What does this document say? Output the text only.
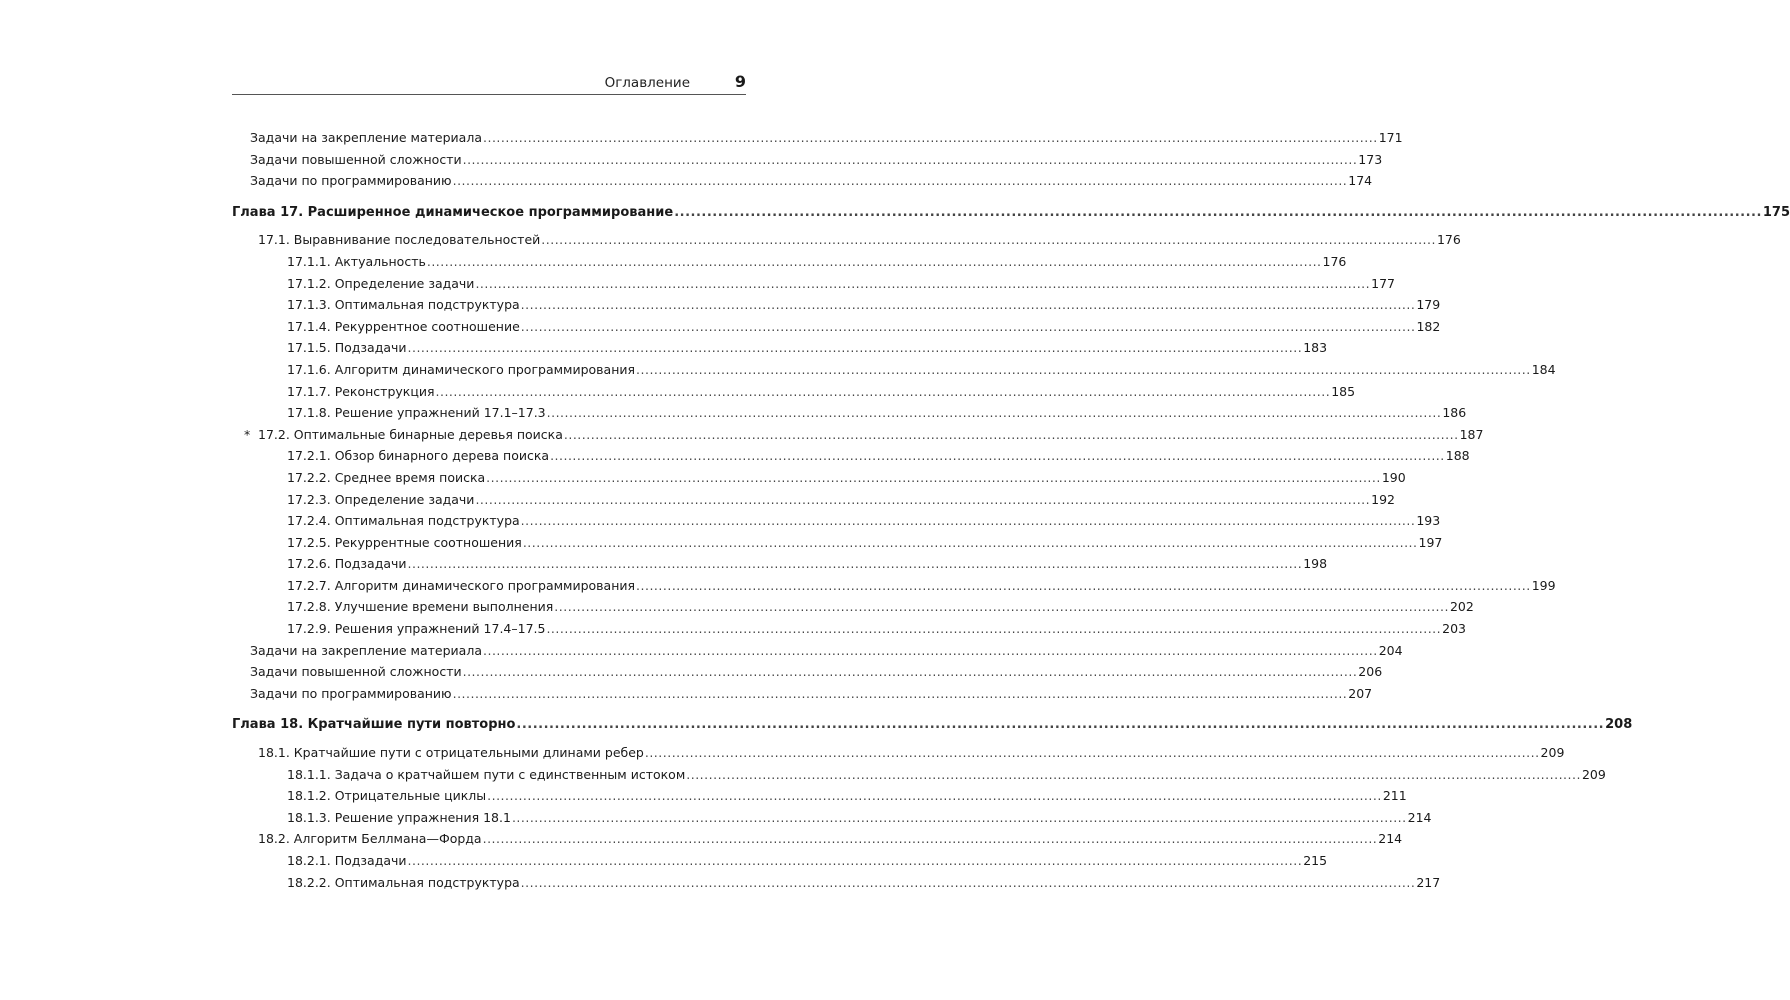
Оглавление	9
Задачи на закрепление материала ........................................................................................................................................................................................................ 171
Задачи повышенной сложности ........................................................................................................................................................................................................ 173
Задачи по программированию ........................................................................................................................................................................................................ 174
Глава 17. Расширенное динамическое программирование ........................................................................................................................................................................................................ 175
17.1. Выравнивание последовательностей ........................................................................................................................................................................................................ 176
17.1.1. Актуальность ........................................................................................................................................................................................................ 176
17.1.2. Определение задачи ........................................................................................................................................................................................................ 177
17.1.3. Оптимальная подструктура ........................................................................................................................................................................................................ 179
17.1.4. Рекуррентное соотношение ........................................................................................................................................................................................................ 182
17.1.5. Подзадачи ........................................................................................................................................................................................................ 183
17.1.6. Алгоритм динамического программирования ........................................................................................................................................................................................................ 184
17.1.7. Реконструкция ........................................................................................................................................................................................................ 185
17.1.8. Решение упражнений 17.1–17.3 ........................................................................................................................................................................................................ 186
* 17.2. Оптимальные бинарные деревья поиска ........................................................................................................................................................................................................ 187
17.2.1. Обзор бинарного дерева поиска ........................................................................................................................................................................................................ 188
17.2.2. Среднее время поиска ........................................................................................................................................................................................................ 190
17.2.3. Определение задачи ........................................................................................................................................................................................................ 192
17.2.4. Оптимальная подструктура ........................................................................................................................................................................................................ 193
17.2.5. Рекуррентные соотношения ........................................................................................................................................................................................................ 197
17.2.6. Подзадачи ........................................................................................................................................................................................................ 198
17.2.7. Алгоритм динамического программирования ........................................................................................................................................................................................................ 199
17.2.8. Улучшение времени выполнения ........................................................................................................................................................................................................ 202
17.2.9. Решения упражнений 17.4–17.5 ........................................................................................................................................................................................................ 203
Задачи на закрепление материала ........................................................................................................................................................................................................ 204
Задачи повышенной сложности ........................................................................................................................................................................................................ 206
Задачи по программированию ........................................................................................................................................................................................................ 207
Глава 18. Кратчайшие пути повторно ........................................................................................................................................................................................................ 208
18.1. Кратчайшие пути с отрицательными длинами ребер ........................................................................................................................................................................................................ 209
18.1.1. Задача о кратчайшем пути с единственным истоком ........................................................................................................................................................................................................ 209
18.1.2. Отрицательные циклы ........................................................................................................................................................................................................ 211
18.1.3. Решение упражнения 18.1 ........................................................................................................................................................................................................ 214
18.2. Алгоритм Беллмана—Форда ........................................................................................................................................................................................................ 214
18.2.1. Подзадачи ........................................................................................................................................................................................................ 215
18.2.2. Оптимальная подструктура ........................................................................................................................................................................................................ 217
